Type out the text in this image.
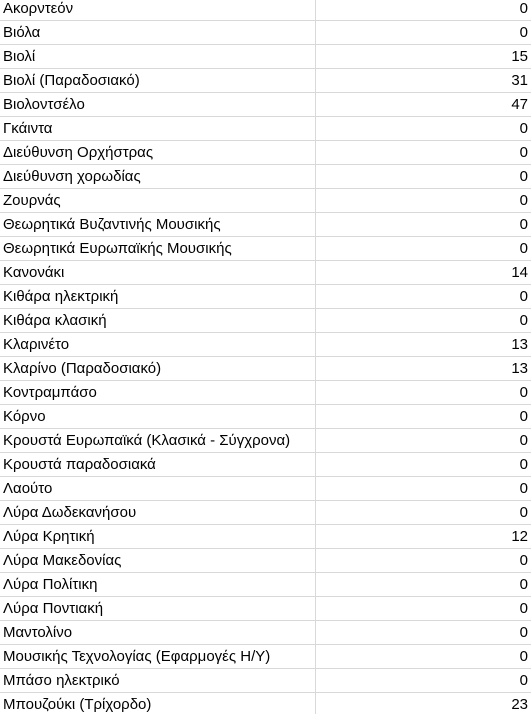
Ακορντεόν	0
Βιόλα	0
Βιολί	15
Βιολί (Παραδοσιακό)	31
Βιολοντσέλο	47
Γκάιντα	0
Διεύθυνση Ορχήστρας	0
Διεύθυνση χορωδίας	0
Ζουρνάς	0
Θεωρητικά Βυζαντινής Μουσικής	0
Θεωρητικά Ευρωπαϊκής Μουσικής	0
Κανονάκι	14
Κιθάρα ηλεκτρική	0
Κιθάρα κλασική	0
Κλαρινέτο	13
Κλαρίνο (Παραδοσιακό)	13
Κοντραμπάσο	0
Κόρνο	0
Κρουστά Ευρωπαϊκά (Κλασικά - Σύγχρονα)	0
Κρουστά παραδοσιακά	0
Λαούτο	0
Λύρα Δωδεκανήσου	0
Λύρα Κρητική	12
Λύρα Μακεδονίας	0
Λύρα Πολίτικη	0
Λύρα Ποντιακή	0
Μαντολίνο	0
Μουσικής Τεχνολογίας (Εφαρμογές Η/Υ)	0
Μπάσο ηλεκτρικό	0
Μπουζούκι (Τρίχορδο)	23
